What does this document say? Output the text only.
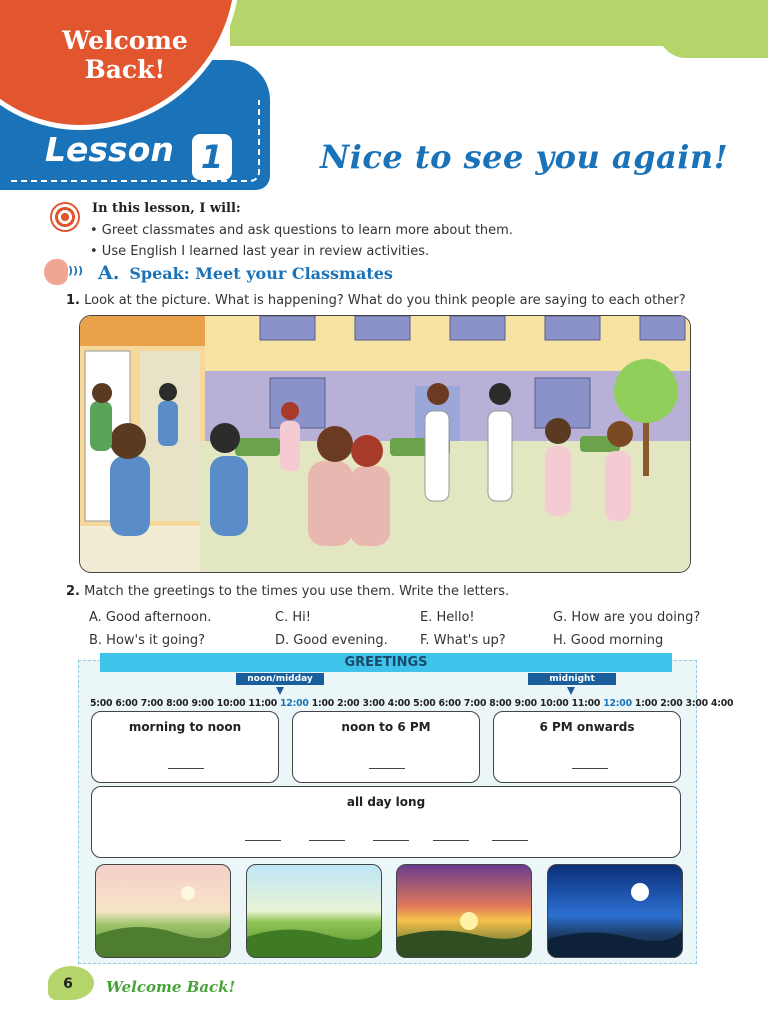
Welcome
Back!
Lesson 1	Nice to see you again!
In this lesson, I will:
• Greet classmates and ask questions to learn more about them.
• Use English I learned last year in review activities.
))) A. Speak: Meet your Classmates
1. Look at the picture. What is happening? What do you think people are saying to each other?
2. Match the greetings to the times you use them. Write the letters.
A. Good afternoon.
B. How's it going?
C. Hi!
D. Good evening.
E. Hello!
F. What's up?
G. How are you doing?
H. Good morning
GREETINGS
noon/midday	midnight
5:00 6:00 7:00 8:00 9:00 10:00 11:00 12:00 1:00 2:00 3:00 4:00 5:00 6:00 7:00 8:00 9:00 10:00 11:00 12:00 1:00 2:00 3:00 4:00
morning to noon	noon to 6 PM	6 PM onwards
all day long
6	Welcome Back!
